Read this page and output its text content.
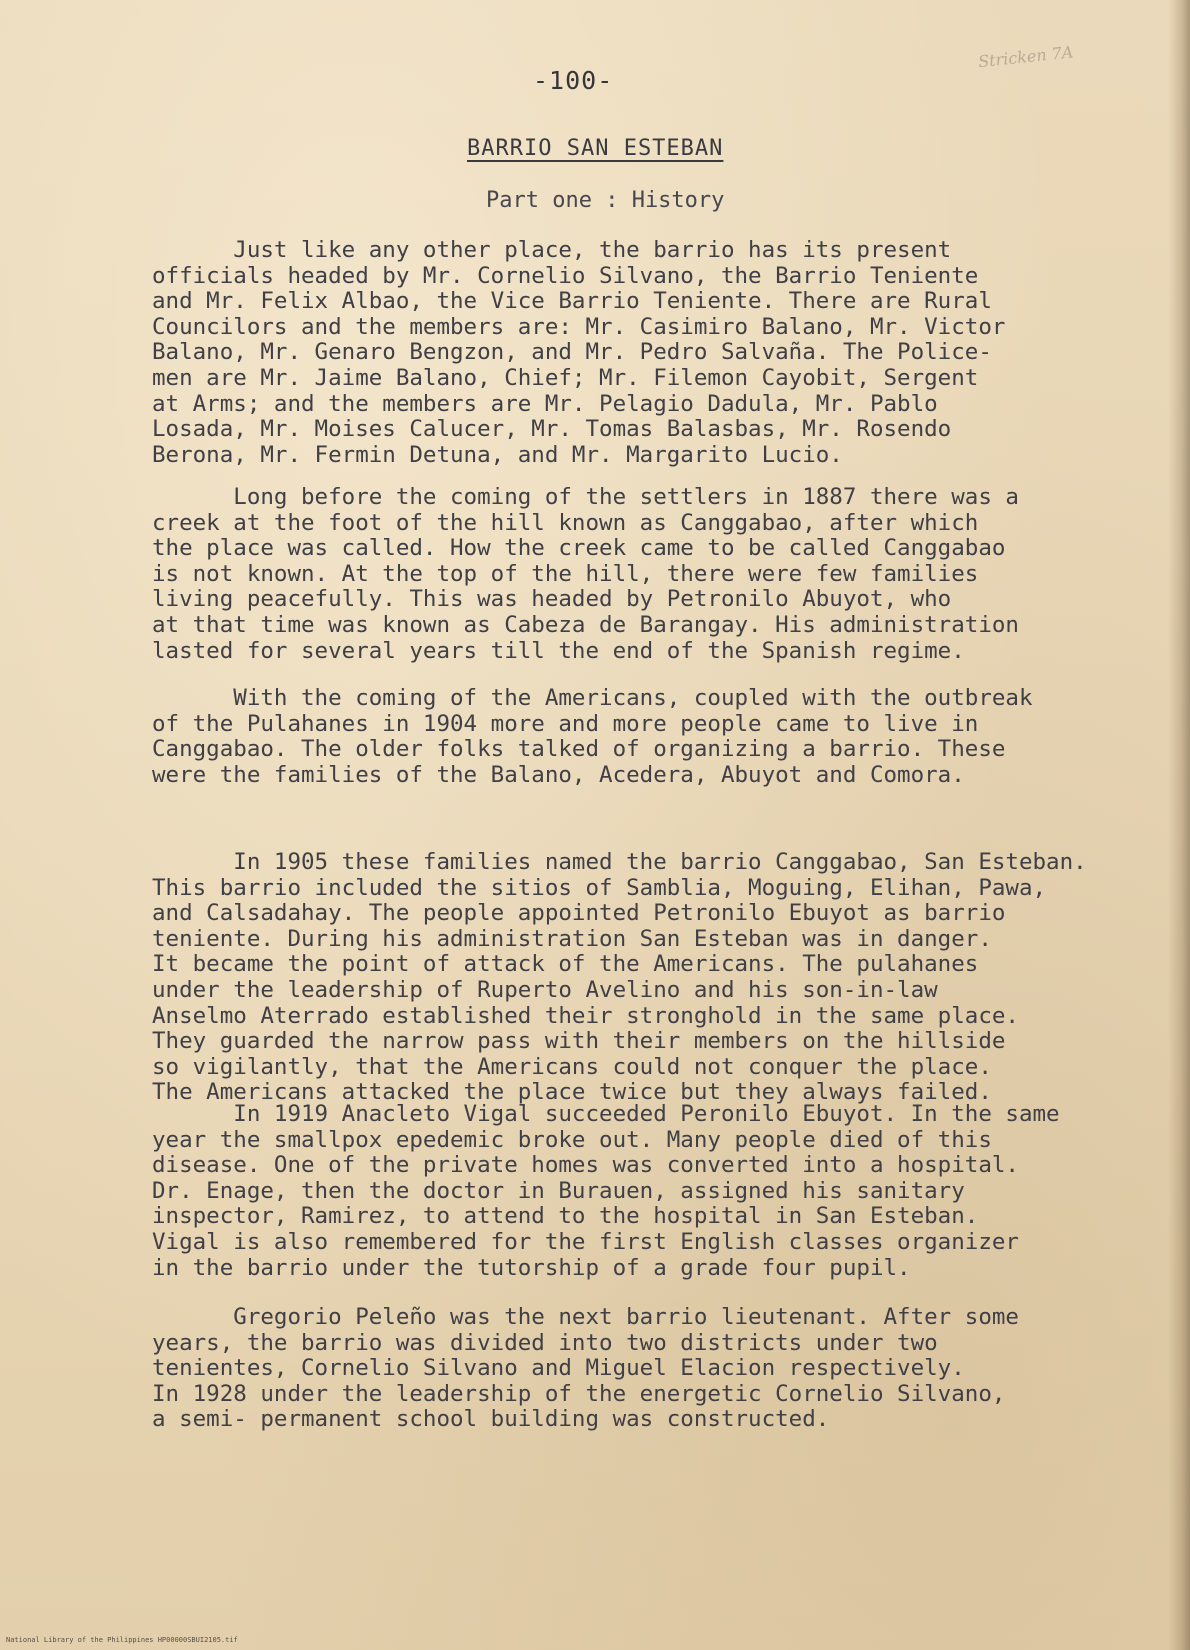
-100-
Stricken 7A
BARRIO SAN ESTEBAN
Part one : History

Just like any other place, the barrio has its present
officials headed by Mr. Cornelio Silvano, the Barrio Teniente
and Mr. Felix Albao, the Vice Barrio Teniente. There are Rural
Councilors and the members are: Mr. Casimiro Balano, Mr. Victor
Balano, Mr. Genaro Bengzon, and Mr. Pedro Salvaña. The Police-
men are Mr. Jaime Balano, Chief; Mr. Filemon Cayobit, Sergent
at Arms; and the members are Mr. Pelagio Dadula, Mr. Pablo
Losada, Mr. Moises Calucer, Mr. Tomas Balasbas, Mr. Rosendo
Berona, Mr. Fermin Detuna, and Mr. Margarito Lucio.

Long before the coming of the settlers in 1887 there was a
creek at the foot of the hill known as Canggabao, after which
the place was called. How the creek came to be called Canggabao
is not known. At the top of the hill, there were few families
living peacefully. This was headed by Petronilo Abuyot, who
at that time was known as Cabeza de Barangay. His administration
lasted for several years till the end of the Spanish regime.

With the coming of the Americans, coupled with the outbreak
of the Pulahanes in 1904 more and more people came to live in
Canggabao. The older folks talked of organizing a barrio. These
were the families of the Balano, Acedera, Abuyot and Comora.

In 1905 these families named the barrio Canggabao, San Esteban.
This barrio included the sitios of Samblia, Moguing, Elihan, Pawa,
and Calsadahay. The people appointed Petronilo Ebuyot as barrio
teniente. During his administration San Esteban was in danger.
It became the point of attack of the Americans. The pulahanes
under the leadership of Ruperto Avelino and his son-in-law
Anselmo Aterrado established their stronghold in the same place.
They guarded the narrow pass with their members on the hillside
so vigilantly, that the Americans could not conquer the place.
The Americans attacked the place twice but they always failed.

In 1919 Anacleto Vigal succeeded Peronilo Ebuyot. In the same
year the smallpox epedemic broke out. Many people died of this
disease. One of the private homes was converted into a hospital.
Dr. Enage, then the doctor in Burauen, assigned his sanitary
inspector, Ramirez, to attend to the hospital in San Esteban.
Vigal is also remembered for the first English classes organizer
in the barrio under the tutorship of a grade four pupil.

Gregorio Peleño was the next barrio lieutenant. After some
years, the barrio was divided into two districts under two
tenientes, Cornelio Silvano and Miguel Elacion respectively.
In 1928 under the leadership of the energetic Cornelio Silvano,
a semi- permanent school building was constructed.

National Library of the Philippines HP00000SBUI2105.tif
